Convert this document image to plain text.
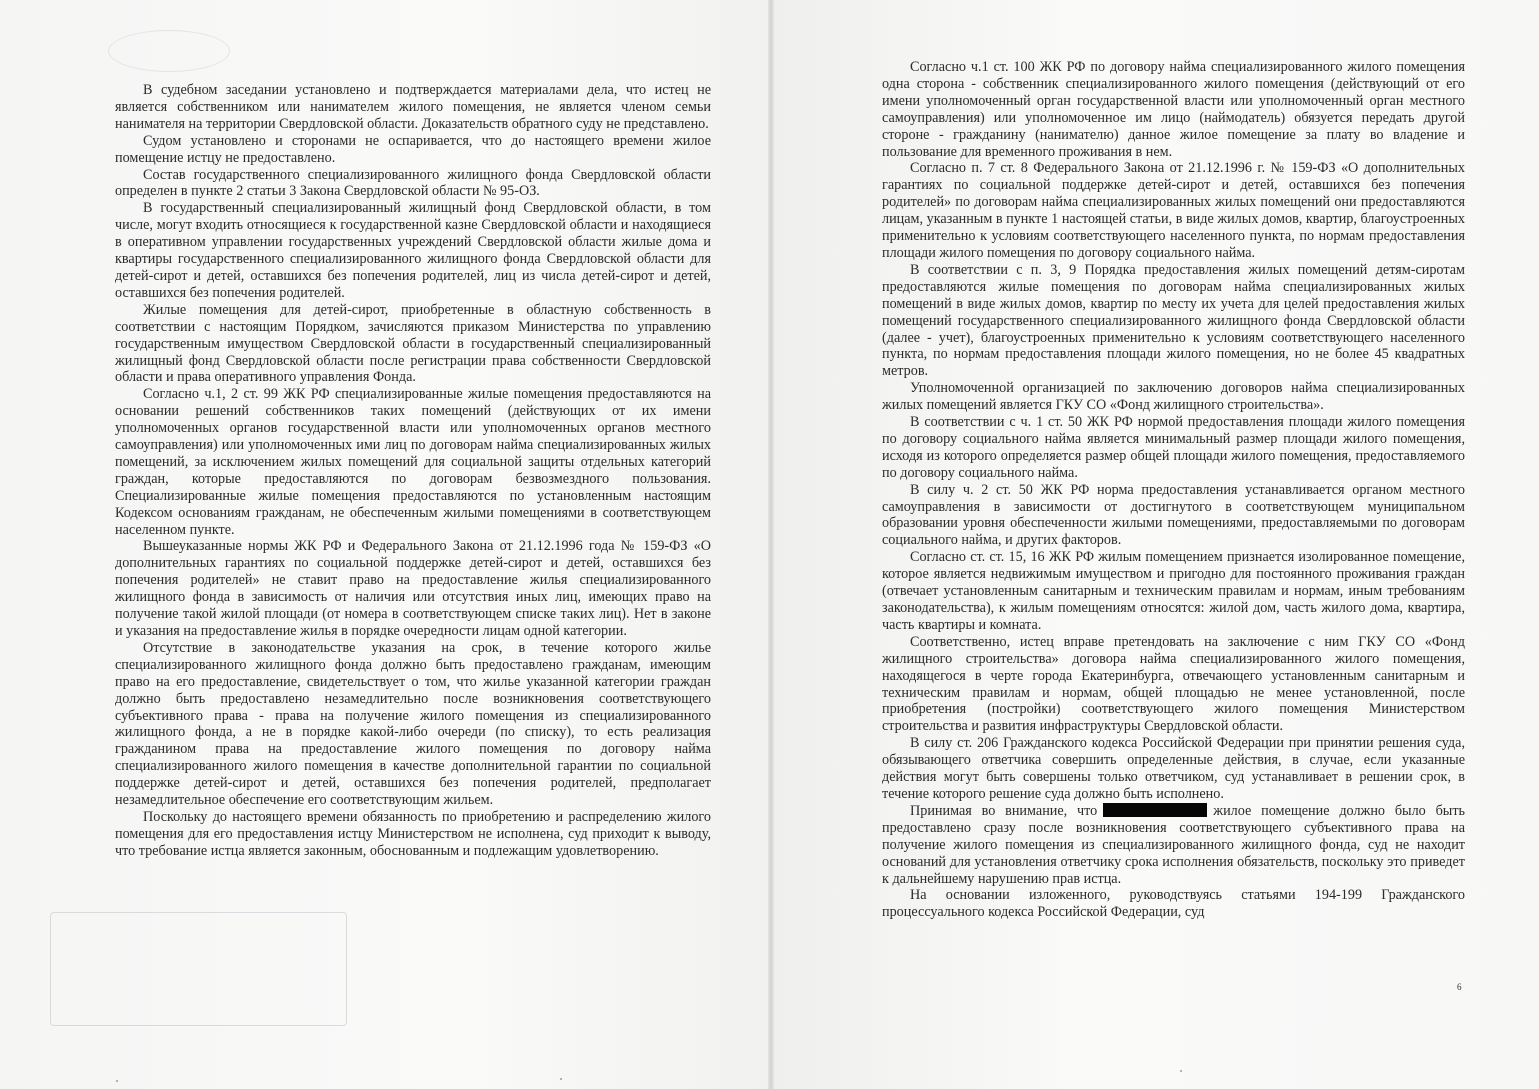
В судебном заседании установлено и подтверждается материалами дела, что истец не является собственником или нанимателем жилого помещения, не является членом семьи нанимателя на территории Свердловской области. Доказательств обратного суду не представлено.

Судом установлено и сторонами не оспаривается, что до настоящего времени жилое помещение истцу не предоставлено.

Состав государственного специализированного жилищного фонда Свердловской области определен в пункте 2 статьи 3 Закона Свердловской области № 95-ОЗ.

В государственный специализированный жилищный фонд Свердловской области, в том числе, могут входить относящиеся к государственной казне Свердловской области и находящиеся в оперативном управлении государственных учреждений Свердловской области жилые дома и квартиры государственного специализированного жилищного фонда Свердловской области для детей-сирот и детей, оставшихся без попечения родителей, лиц из числа детей-сирот и детей, оставшихся без попечения родителей.

Жилые помещения для детей-сирот, приобретенные в областную собственность в соответствии с настоящим Порядком, зачисляются приказом Министерства по управлению государственным имуществом Свердловской области в государственный специализированный жилищный фонд Свердловской области после регистрации права собственности Свердловской области и права оперативного управления Фонда.

Согласно ч.1, 2 ст. 99 ЖК РФ специализированные жилые помещения предоставляются на основании решений собственников таких помещений (действующих от их имени уполномоченных органов государственной власти или уполномоченных органов местного самоуправления) или уполномоченных ими лиц по договорам найма специализированных жилых помещений, за исключением жилых помещений для социальной защиты отдельных категорий граждан, которые предоставляются по договорам безвозмездного пользования. Специализированные жилые помещения предоставляются по установленным настоящим Кодексом основаниям гражданам, не обеспеченным жилыми помещениями в соответствующем населенном пункте.

Вышеуказанные нормы ЖК РФ и Федерального Закона от 21.12.1996 года № 159-ФЗ «О дополнительных гарантиях по социальной поддержке детей-сирот и детей, оставшихся без попечения родителей» не ставит право на предоставление жилья специализированного жилищного фонда в зависимость от наличия или отсутствия иных лиц, имеющих право на получение такой жилой площади (от номера в соответствующем списке таких лиц). Нет в законе и указания на предоставление жилья в порядке очередности лицам одной категории.

Отсутствие в законодательстве указания на срок, в течение которого жилье специализированного жилищного фонда должно быть предоставлено гражданам, имеющим право на его предоставление, свидетельствует о том, что жилье указанной категории граждан должно быть предоставлено незамедлительно после возникновения соответствующего субъективного права - права на получение жилого помещения из специализированного жилищного фонда, а не в порядке какой-либо очереди (по списку), то есть реализация гражданином права на предоставление жилого помещения по договору найма специализированного жилого помещения в качестве дополнительной гарантии по социальной поддержке детей-сирот и детей, оставшихся без попечения родителей, предполагает незамедлительное обеспечение его соответствующим жильем.

Поскольку до настоящего времени обязанность по приобретению и распределению жилого помещения для его предоставления истцу Министерством не исполнена, суд приходит к выводу, что требование истца является законным, обоснованным и подлежащим удовлетворению.

Согласно ч.1 ст. 100 ЖК РФ по договору найма специализированного жилого помещения одна сторона - собственник специализированного жилого помещения (действующий от его имени уполномоченный орган государственной власти или уполномоченный орган местного самоуправления) или уполномоченное им лицо (наймодатель) обязуется передать другой стороне - гражданину (нанимателю) данное жилое помещение за плату во владение и пользование для временного проживания в нем.

Согласно п. 7 ст. 8 Федерального Закона от 21.12.1996 г. № 159-ФЗ «О дополнительных гарантиях по социальной поддержке детей-сирот и детей, оставшихся без попечения родителей» по договорам найма специализированных жилых помещений они предоставляются лицам, указанным в пункте 1 настоящей статьи, в виде жилых домов, квартир, благоустроенных применительно к условиям соответствующего населенного пункта, по нормам предоставления площади жилого помещения по договору социального найма.

В соответствии с п. 3, 9 Порядка предоставления жилых помещений детям-сиротам предоставляются жилые помещения по договорам найма специализированных жилых помещений в виде жилых домов, квартир по месту их учета для целей предоставления жилых помещений государственного специализированного жилищного фонда Свердловской области (далее - учет), благоустроенных применительно к условиям соответствующего населенного пункта, по нормам предоставления площади жилого помещения, но не более 45 квадратных метров.

Уполномоченной организацией по заключению договоров найма специализированных жилых помещений является ГКУ СО «Фонд жилищного строительства».

В соответствии с ч. 1 ст. 50 ЖК РФ нормой предоставления площади жилого помещения по договору социального найма является минимальный размер площади жилого помещения, исходя из которого определяется размер общей площади жилого помещения, предоставляемого по договору социального найма.

В силу ч. 2 ст. 50 ЖК РФ норма предоставления устанавливается органом местного самоуправления в зависимости от достигнутого в соответствующем муниципальном образовании уровня обеспеченности жилыми помещениями, предоставляемыми по договорам социального найма, и других факторов.

Согласно ст. ст. 15, 16 ЖК РФ жилым помещением признается изолированное помещение, которое является недвижимым имуществом и пригодно для постоянного проживания граждан (отвечает установленным санитарным и техническим правилам и нормам, иным требованиям законодательства), к жилым помещениям относятся: жилой дом, часть жилого дома, квартира, часть квартиры и комната.

Соответственно, истец вправе претендовать на заключение с ним ГКУ СО «Фонд жилищного строительства» договора найма специализированного жилого помещения, находящегося в черте города Екатеринбурга, отвечающего установленным санитарным и техническим правилам и нормам, общей площадью не менее установленной, после приобретения (постройки) соответствующего жилого помещения Министерством строительства и развития инфраструктуры Свердловской области.

В силу ст. 206 Гражданского кодекса Российской Федерации при принятии решения суда, обязывающего ответчика совершить определенные действия, в случае, если указанные действия могут быть совершены только ответчиком, суд устанавливает в решении срок, в течение которого решение суда должно быть исполнено.

Принимая во внимание, что	жилое помещение должно было быть предоставлено сразу после возникновения соответствующего субъективного права на получение жилого помещения из специализированного жилищного фонда, суд не находит оснований для установления ответчику срока исполнения обязательств, поскольку это приведет к дальнейшему нарушению прав истца.

На основании изложенного, руководствуясь статьями 194-199 Гражданского процессуального кодекса Российской Федерации, суд

6
